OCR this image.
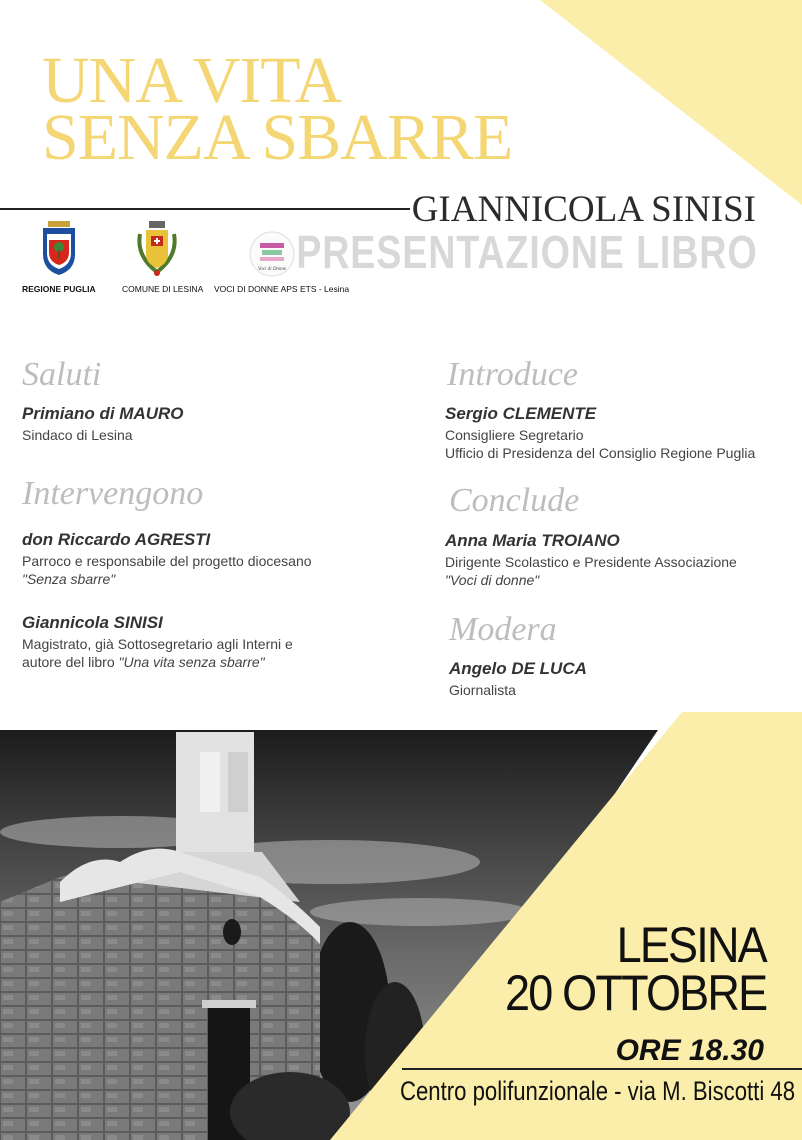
UNA VITA
SENZA SBARRE
GIANNICOLA SINISI
PRESENTAZIONE LIBRO
REGIONE PUGLIA	COMUNE DI LESINA
Voci di Donne
VOCI DI DONNE APS ETS - Lesina
Saluti
Primiano di MAURO
Sindaco di Lesina
Intervengono
don Riccardo AGRESTI
Parroco e responsabile del progetto diocesano
"Senza sbarre"
Giannicola SINISI
Magistrato, già Sottosegretario agli Interni e
autore del libro "Una vita senza sbarre"
Introduce
Sergio CLEMENTE
Consigliere Segretario
Ufficio di Presidenza del Consiglio Regione Puglia
Conclude
Anna Maria TROIANO
Dirigente Scolastico e Presidente Associazione
"Voci di donne"
Modera
Angelo DE LUCA
Giornalista
LESINA
20 OTTOBRE
ORE 18.30
Centro polifunzionale - via M. Biscotti 48
